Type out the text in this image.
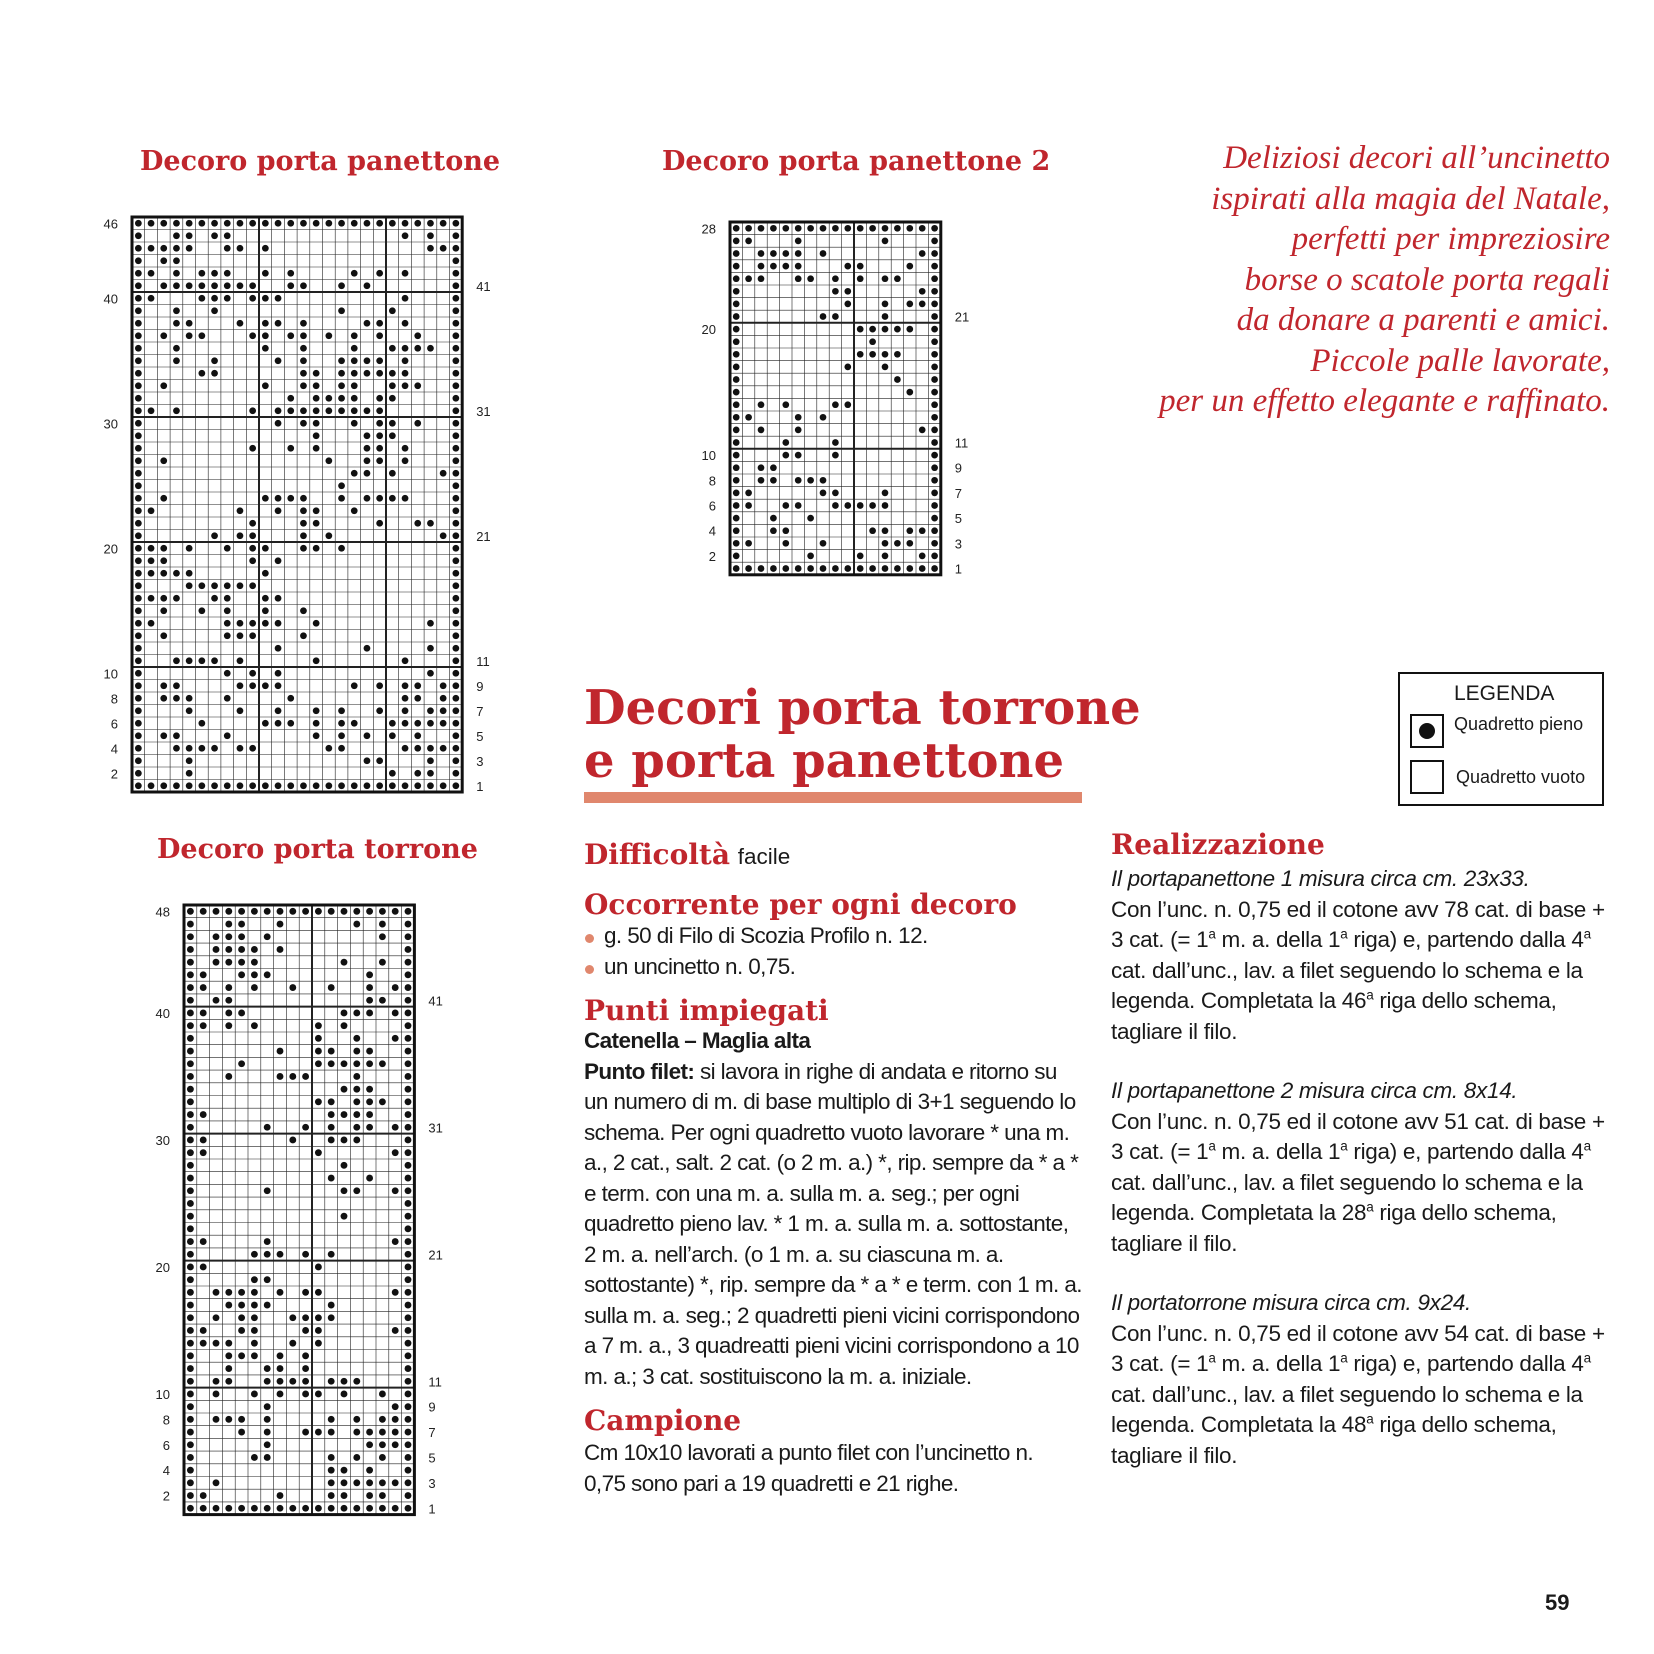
Decoro porta panettone	Decoro porta panettone 2
Decoro porta torrone
46
40
30
20
10
8
6
4
2
41
31
21
11
9
7
5
3
1
28
20
10
8
6
4
2
21
11
9
7
5
3
1
48
40
30
20
10
8
6
4
2
41
31
21
11
9
7
5
3
1
Deliziosi decori all’uncinetto
ispirati alla magia del Natale,
perfetti per impreziosire
borse o scatole porta regali
da donare a parenti e amici.
Piccole palle lavorate,
per un effetto elegante e raffinato.
LEGENDA
Quadretto pieno
Quadretto vuoto
Decori porta torrone
e porta panettone
Difficoltà facile
Occorrente per ogni decoro

g. 50 di Filo di Scozia Profilo n. 12.

un uncinetto n. 0,75.

Punti impiegati

Catenella – Maglia alta

Punto filet: si lavora in righe di andata e ritorno su un numero di m. di base multiplo di 3+1 seguendo lo schema. Per ogni quadretto vuoto lavorare * una m. a., 2 cat., salt. 2 cat. (o 2 m. a.) *, rip. sempre da * a * e term. con una m. a. sulla m. a. seg.; per ogni quadretto pieno lav. * 1 m. a. sulla m. a. sottostante, 2 m. a. nell’arch. (o 1 m. a. su ciascuna m. a. sottostante) *, rip. sempre da * a * e term. con 1 m. a. sulla m. a. seg.; 2 quadretti pieni vicini corrispondono a 7 m. a., 3 quadreatti pieni vicini corrispondono a 10 m. a.; 3 cat. sostituiscono la m. a. iniziale.

Campione
Cm 10x10 lavorati a punto filet con l’uncinetto n. 0,75 sono pari a 19 quadretti e 21 righe.
Realizzazione

Il portapanettone 1 misura circa cm. 23x33.

Con l’unc. n. 0,75 ed il cotone avv 78 cat. di base + 3 cat. (= $1^a$ m. a. della 1$^a$ riga) e, partendo dalla 4$^a$ cat. dall’unc., lav. a filet seguendo lo schema e la legenda. Completata la 46$^a$ riga dello schema, tagliare il filo.

Il portapanettone 2 misura circa cm. 8x14.

Con l’unc. n. 0,75 ed il cotone avv 51 cat. di base + 3 cat. (= $1^a$ m. a. della 1$^a$ riga) e, partendo dalla 4$^a$ cat. dall’unc., lav. a filet seguendo lo schema e la legenda. Completata la 28$^a$ riga dello schema, tagliare il filo.

Il portatorrone misura circa cm. 9x24.

Con l’unc. n. 0,75 ed il cotone avv 54 cat. di base + 3 cat. (= $1^a$ m. a. della 1$^a$ riga) e, partendo dalla 4$^a$ cat. dall’unc., lav. a filet seguendo lo schema e la legenda. Completata la 48$^a$ riga dello schema, tagliare il filo.

59
